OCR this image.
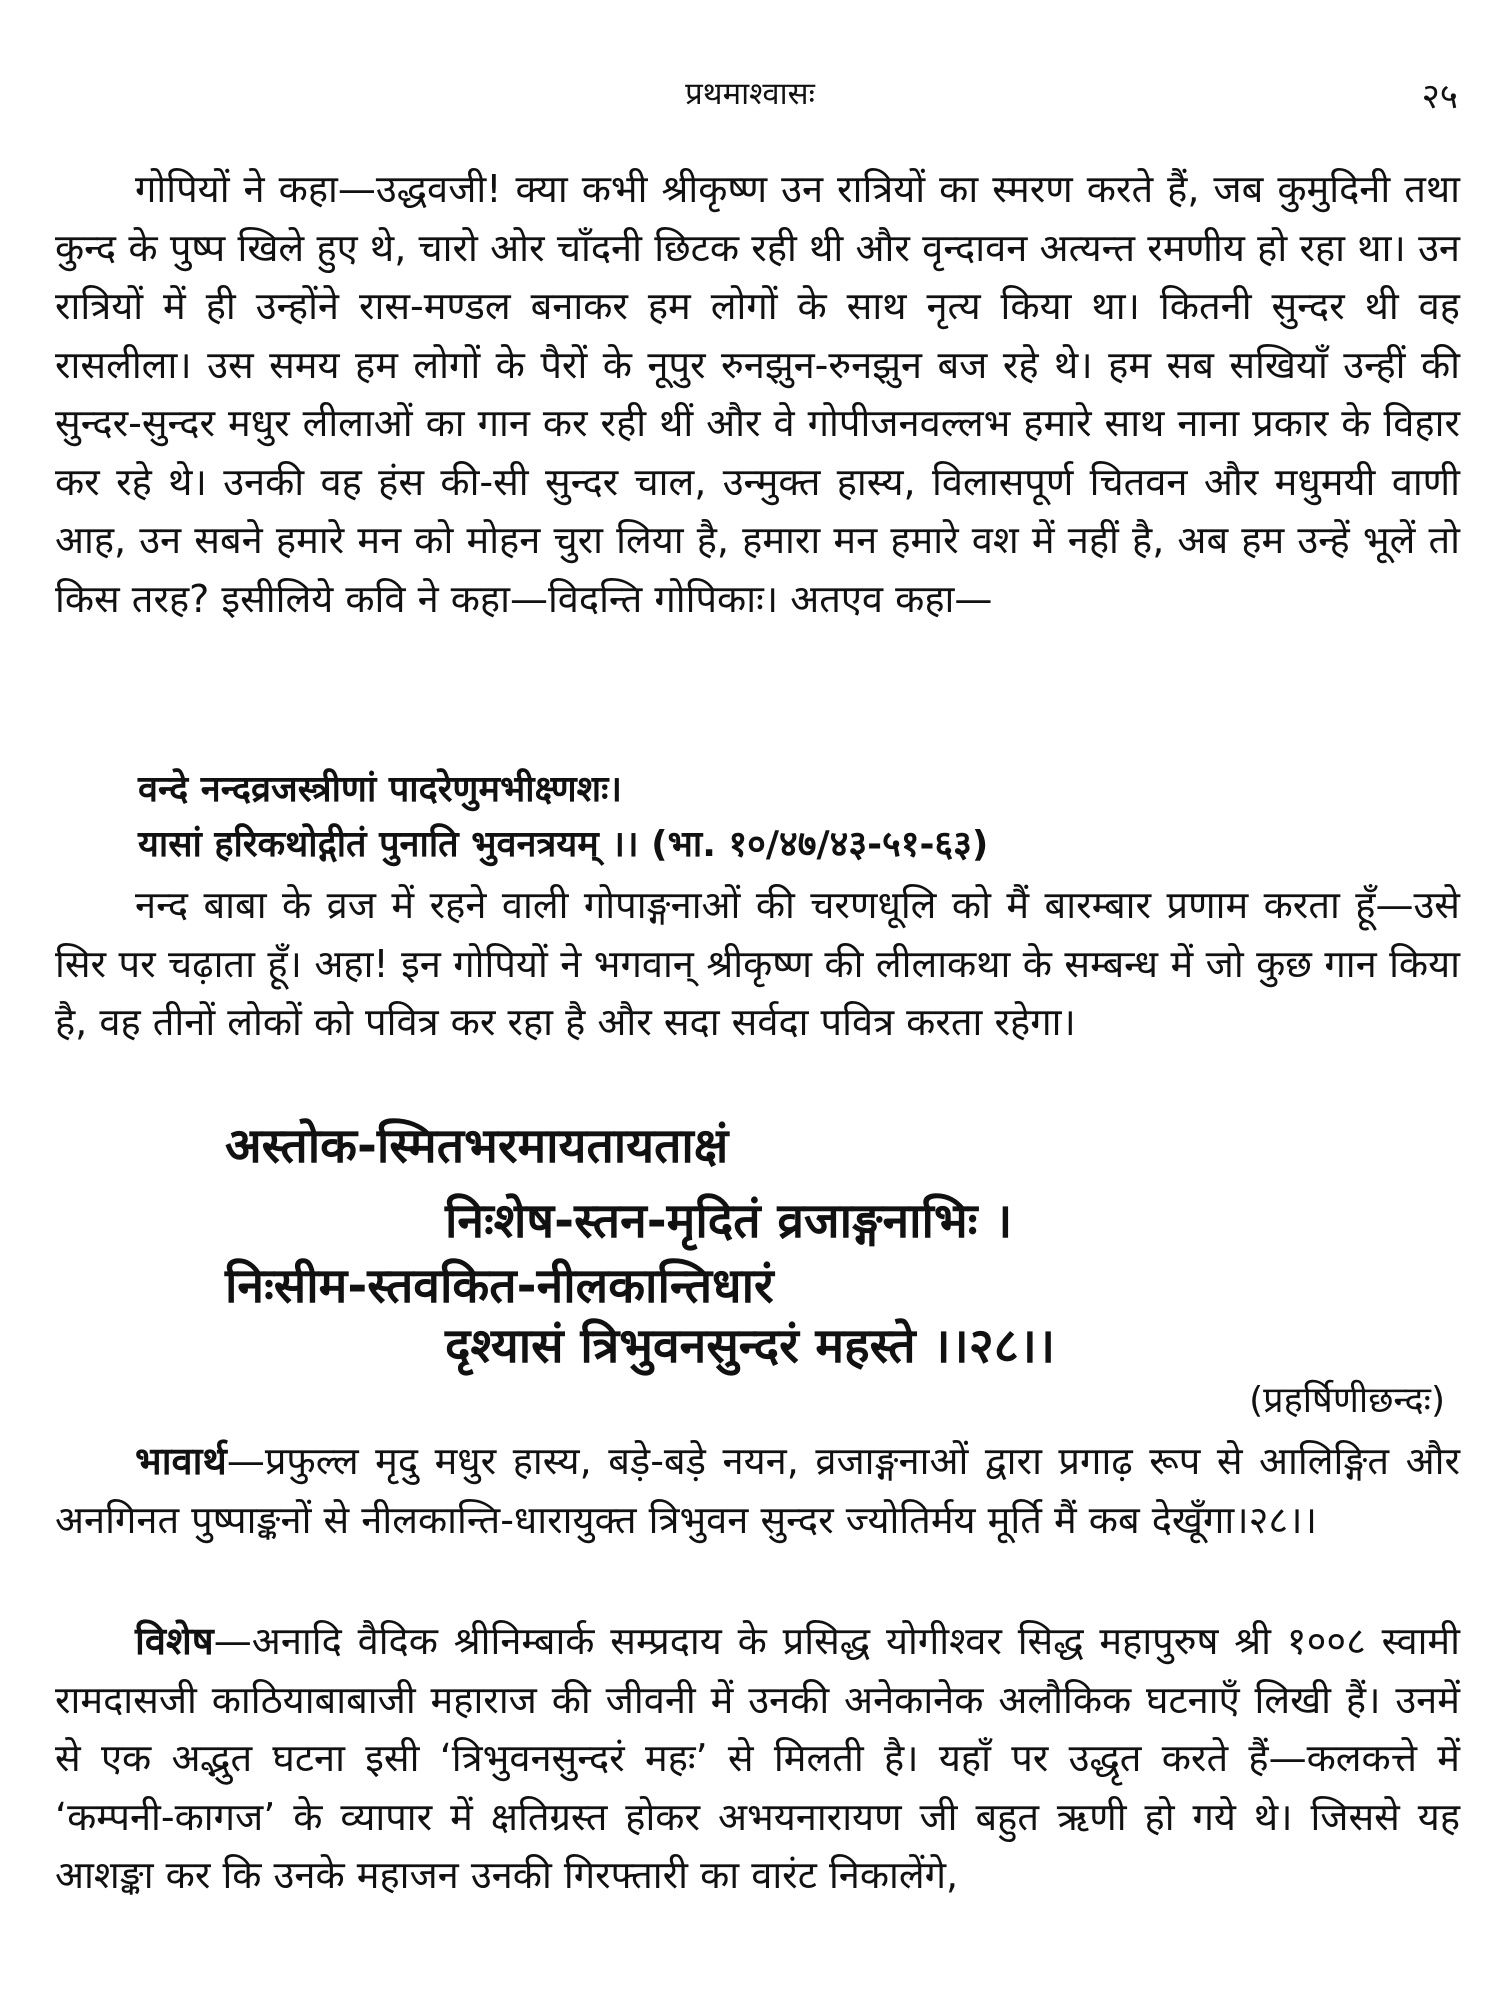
प्रथमाश्वासः	२५

गोपियों ने कहा—उद्धवजी! क्या कभी श्रीकृष्ण उन रात्रियों का स्मरण करते हैं, जब कुमुदिनी तथा कुन्द के पुष्प खिले हुए थे, चारो ओर चाँदनी छिटक रही थी और वृन्दावन अत्यन्त रमणीय हो रहा था। उन रात्रियों में ही उन्होंने रास-मण्डल बनाकर हम लोगों के साथ नृत्य किया था। कितनी सुन्दर थी वह रासलीला। उस समय हम लोगों के पैरों के नूपुर रुनझुन-रुनझुन बज रहे थे। हम सब सखियाँ उन्हीं की सुन्दर-सुन्दर मधुर लीलाओं का गान कर रही थीं और वे गोपीजनवल्लभ हमारे साथ नाना प्रकार के विहार कर रहे थे। उनकी वह हंस की-सी सुन्दर चाल, उन्मुक्त हास्य, विलासपूर्ण चितवन और मधुमयी वाणी आह, उन सबने हमारे मन को मोहन चुरा लिया है, हमारा मन हमारे वश में नहीं है, अब हम उन्हें भूलें तो किस तरह? इसीलिये कवि ने कहा—विदन्ति गोपिकाः। अतएव कहा—

वन्दे नन्दव्रजस्त्रीणां पादरेणुमभीक्ष्णशः।
यासां हरिकथोद्गीतं पुनाति भुवनत्रयम् ।। (भा. १०/४७/४३-५१-६३)

नन्द बाबा के व्रज में रहने वाली गोपाङ्गनाओं की चरणधूलि को मैं बारम्बार प्रणाम करता हूँ—उसे सिर पर चढ़ाता हूँ। अहा! इन गोपियों ने भगवान् श्रीकृष्ण की लीलाकथा के सम्बन्ध में जो कुछ गान किया है, वह तीनों लोकों को पवित्र कर रहा है और सदा सर्वदा पवित्र करता रहेगा।

अस्तोक-स्मितभरमायतायताक्षं
निःशेष-स्तन-मृदितं व्रजाङ्गनाभिः ।
निःसीम-स्तवकित-नीलकान्तिधारं
दृश्यासं त्रिभुवनसुन्दरं महस्ते ।।२८।।
(प्रहर्षिणीछन्दः)

भावार्थ—प्रफुल्ल मृदु मधुर हास्य, बड़े-बड़े नयन, व्रजाङ्गनाओं द्वारा प्रगाढ़ रूप से आलिङ्गित और अनगिनत पुष्पाङ्कनों से नीलकान्ति-धारायुक्त त्रिभुवन सुन्दर ज्योतिर्मय मूर्ति मैं कब देखूँगा।२८।।

विशेष—अनादि वैदिक श्रीनिम्बार्क सम्प्रदाय के प्रसिद्ध योगीश्वर सिद्ध महापुरुष श्री १००८ स्वामी रामदासजी काठियाबाबाजी महाराज की जीवनी में उनकी अनेकानेक अलौकिक घटनाएँ लिखी हैं। उनमें से एक अद्भुत घटना इसी ‘त्रिभुवनसुन्दरं महः’ से मिलती है। यहाँ पर उद्धृत करते हैं—कलकत्ते में ‘कम्पनी-कागज’ के व्यापार में क्षतिग्रस्त होकर अभयनारायण जी बहुत ऋणी हो गये थे। जिससे यह आशङ्का कर कि उनके महाजन उनकी गिरफ्तारी का वारंट निकालेंगे,
